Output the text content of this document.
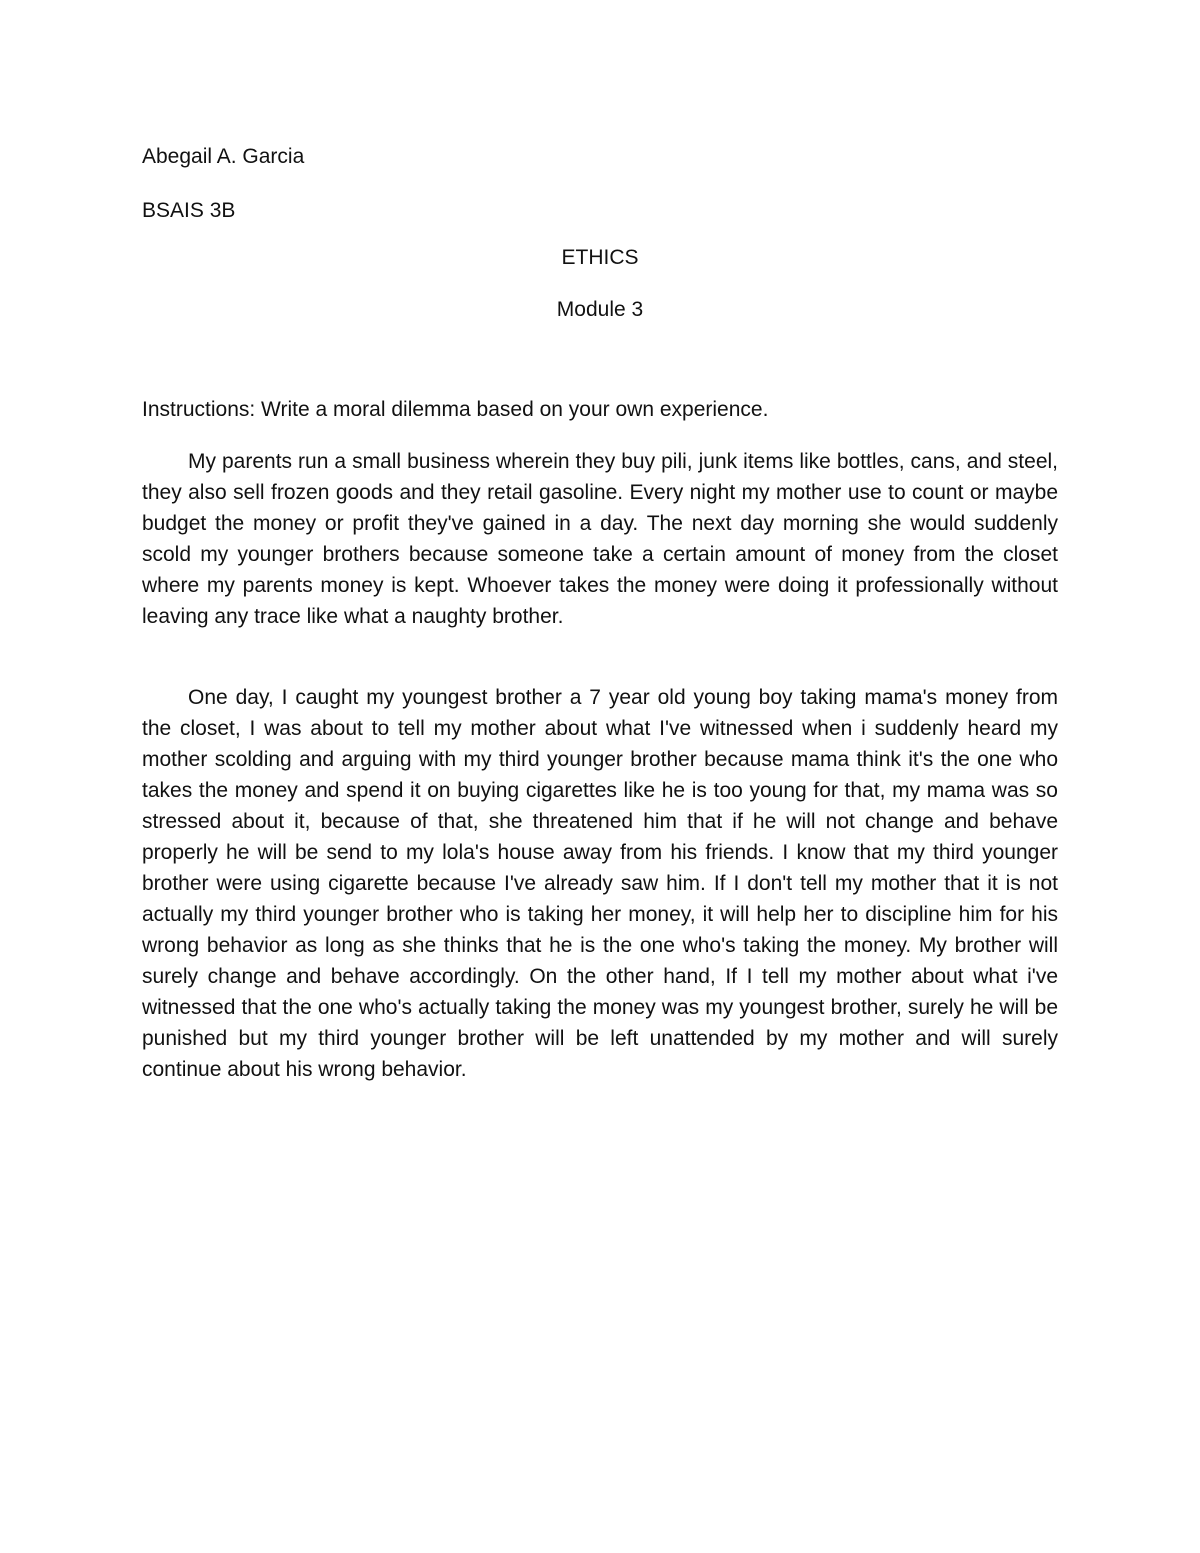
Abegail A. Garcia
BSAIS 3B
ETHICS
Module 3
Instructions: Write a moral dilemma based on your own experience.

My parents run a small business wherein they buy pili, junk items like bottles, cans, and steel, they also sell frozen goods and they retail gasoline. Every night my mother use to count or maybe budget the money or profit they've gained in a day. The next day morning she would suddenly scold my younger brothers because someone take a certain amount of money from the closet where my parents money is kept. Whoever takes the money were doing it professionally without leaving any trace like what a naughty brother.

One day, I caught my youngest brother a 7 year old young boy taking mama's money from the closet, I was about to tell my mother about what I've witnessed when i suddenly heard my mother scolding and arguing with my third younger brother because mama think it's the one who takes the money and spend it on buying cigarettes like he is too young for that, my mama was so stressed about it, because of that, she threatened him that if he will not change and behave properly he will be send to my lola's house away from his friends. I know that my third younger brother were using cigarette because I've already saw him. If I don't tell my mother that it is not actually my third younger brother who is taking her money, it will help her to discipline him for his wrong behavior as long as she thinks that he is the one who's taking the money. My brother will surely change and behave accordingly. On the other hand, If I tell my mother about what i've witnessed that the one who's actually taking the money was my youngest brother, surely he will be punished but my third younger brother will be left unattended by my mother and will surely continue about his wrong behavior.
